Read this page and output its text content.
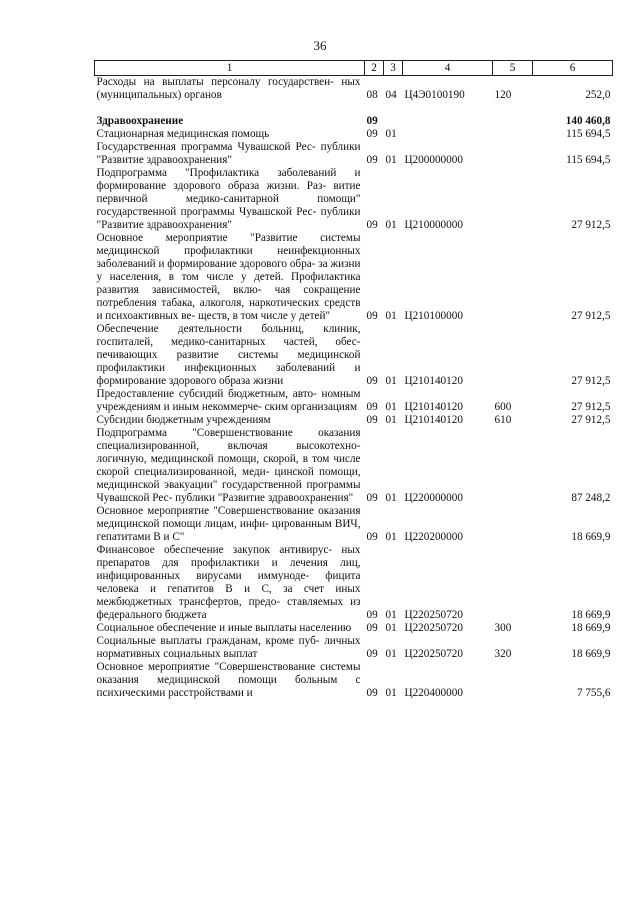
36
1	2	3	4	5	6
Расходы на выплаты персоналу государствен- ных (муниципальных) органов	08	04	Ц4Э0100190	120	252,0

Здравоохранение	09				140 460,8
Стационарная медицинская помощь	09	01			115 694,5
Государственная программа Чувашской Рес- публики "Развитие здравоохранения"	09	01	Ц200000000		115 694,5
Подпрограмма "Профилактика заболеваний и формирование здорового образа жизни. Раз- витие первичной медико-санитарной помощи" государственной программы Чувашской Рес- публики "Развитие здравоохранения"	09	01	Ц210000000		27 912,5
Основное мероприятие "Развитие системы медицинской профилактики неинфекционных заболеваний и формирование здорового обра- за жизни у населения, в том числе у детей. Профилактика развития зависимостей, вклю- чая сокращение потребления табака, алкоголя, наркотических средств и психоактивных ве- ществ, в том числе у детей"	09	01	Ц210100000		27 912,5
Обеспечение деятельности больниц, клиник, госпиталей, медико-санитарных частей, обес- печивающих развитие системы медицинской профилактики инфекционных заболеваний и формирование здорового образа жизни	09	01	Ц210140120		27 912,5
Предоставление субсидий бюджетным, авто- номным учреждениям и иным некоммерче- ским организациям	09	01	Ц210140120	600	27 912,5
Субсидии бюджетным учреждениям	09	01	Ц210140120	610	27 912,5
Подпрограмма "Совершенствование оказания специализированной, включая высокотехно- логичную, медицинской помощи, скорой, в том числе скорой специализированной, меди- цинской помощи, медицинской эвакуации" государственной программы Чувашской Рес- публики "Развитие здравоохранения"	09	01	Ц220000000		87 248,2
Основное мероприятие "Совершенствование оказания медицинской помощи лицам, инфи- цированным ВИЧ, гепатитами В и С"	09	01	Ц220200000		18 669,9
Финансовое обеспечение закупок антивирус- ных препаратов для профилактики и лечения лиц, инфицированных вирусами иммуноде- фицита человека и гепатитов В и С, за счет иных межбюджетных трансфертов, предо- ставляемых из федерального бюджета	09	01	Ц220250720		18 669,9
Социальное обеспечение и иные выплаты населению	09	01	Ц220250720	300	18 669,9
Социальные выплаты гражданам, кроме пуб- личных нормативных социальных выплат	09	01	Ц220250720	320	18 669,9
Основное мероприятие "Совершенствование системы оказания медицинской помощи больным с психическими расстройствами и	09	01	Ц220400000		7 755,6
